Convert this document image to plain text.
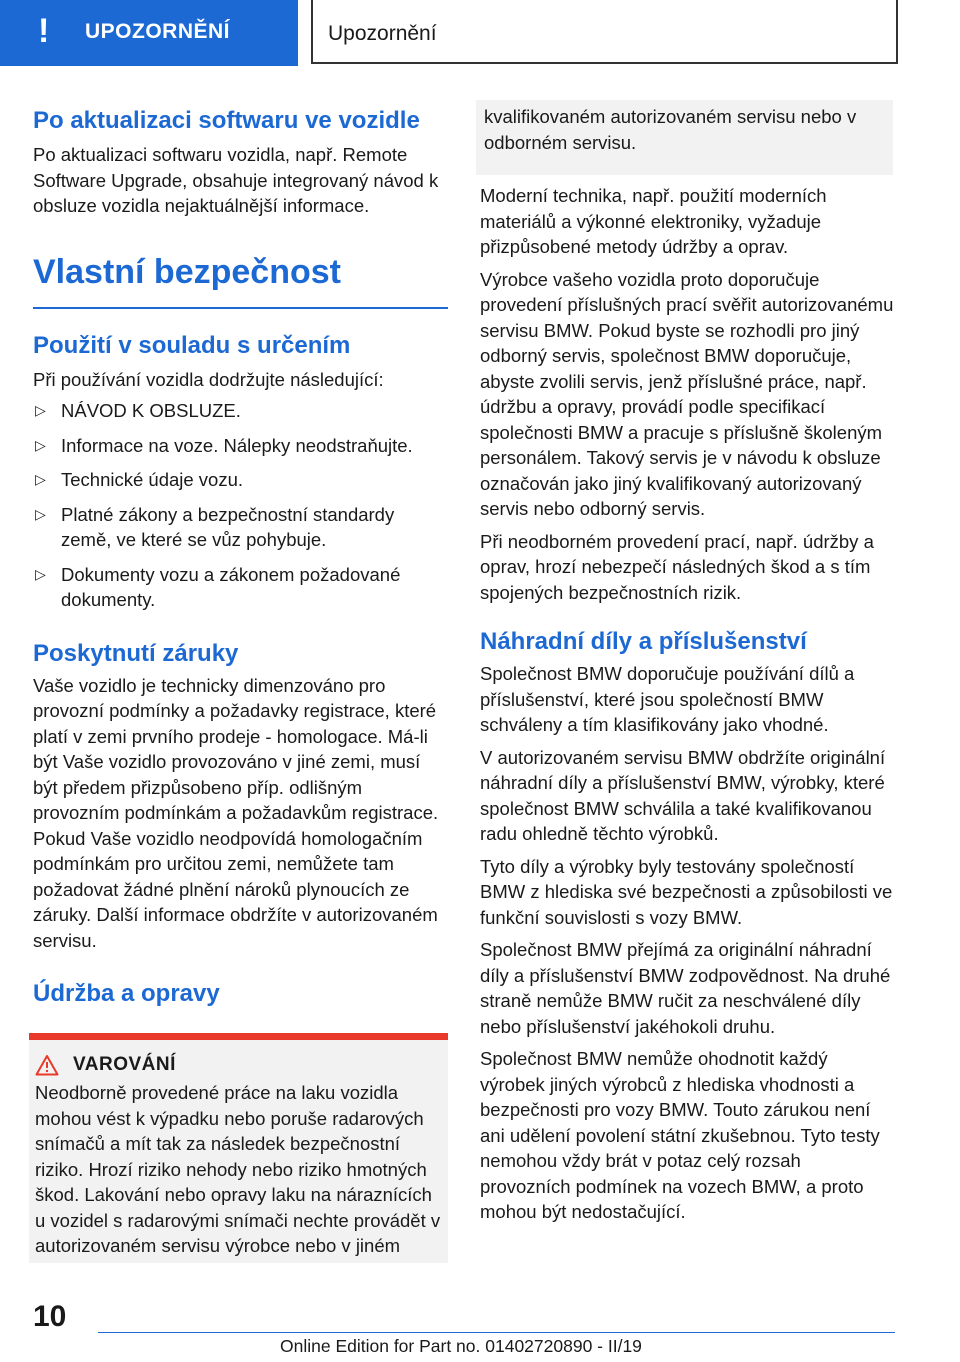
! UPOZORNĚNÍ	Upozornění
Po aktualizaci softwaru ve vozidle

Po aktualizaci softwaru vozidla, např. Remote Software Upgrade, obsahuje integrovaný návod k obsluze vozidla nejaktuálnější informace.

Vlastní bezpečnost
Použití v souladu s určením

Při používání vozidla dodržujte následující:

▷ NÁVOD K OBSLUZE.
▷ Informace na voze. Nálepky neodstraňujte.
▷ Technické údaje vozu.
▷ Platné zákony a bezpečnostní standardy země, ve které se vůz pohybuje.
▷ Dokumenty vozu a zákonem požadované dokumenty.
Poskytnutí záruky

Vaše vozidlo je technicky dimenzováno pro provozní podmínky a požadavky registrace, které platí v zemi prvního prodeje - homologace. Má-li být Vaše vozidlo provozováno v jiné zemi, musí být předem přizpůsobeno příp. odlišným provozním podmínkám a požadavkům registrace. Pokud Vaše vozidlo neodpovídá homologačním podmínkám pro určitou zemi, nemůžete tam požadovat žádné plnění nároků plynoucích ze záruky. Další informace obdržíte v autorizovaném servisu.

Údržba a opravy
VAROVÁNÍ

Neodborně provedené práce na laku vozidla mohou vést k výpadku nebo poruše radarových snímačů a mít tak za následek bezpečnostní riziko. Hrozí riziko nehody nebo riziko hmotných škod. Lakování nebo opravy laku na náraznících u vozidel s radarovými snímači nechte provádět v autorizovaném servisu výrobce nebo v jiném

kvalifikovaném autorizovaném servisu nebo v odborném servisu.

Moderní technika, např. použití moderních materiálů a výkonné elektroniky, vyžaduje přizpůsobené metody údržby a oprav.

Výrobce vašeho vozidla proto doporučuje provedení příslušných prací svěřit autorizovanému servisu BMW. Pokud byste se rozhodli pro jiný odborný servis, společnost BMW doporučuje, abyste zvolili servis, jenž příslušné práce, např. údržbu a opravy, provádí podle specifikací společnosti BMW a pracuje s příslušně školeným personálem. Takový servis je v návodu k obsluze označován jako jiný kvalifikovaný autorizovaný servis nebo odborný servis.

Při neodborném provedení prací, např. údržby a oprav, hrozí nebezpečí následných škod a s tím spojených bezpečnostních rizik.

Náhradní díly a příslušenství

Společnost BMW doporučuje používání dílů a příslušenství, které jsou společností BMW schváleny a tím klasifikovány jako vhodné.

V autorizovaném servisu BMW obdržíte originální náhradní díly a příslušenství BMW, výrobky, které společnost BMW schválila a také kvalifikovanou radu ohledně těchto výrobků.

Tyto díly a výrobky byly testovány společností BMW z hlediska své bezpečnosti a způsobilosti ve funkční souvislosti s vozy BMW.

Společnost BMW přejímá za originální náhradní díly a příslušenství BMW zodpovědnost. Na druhé straně nemůže BMW ručit za neschválené díly nebo příslušenství jakéhokoli druhu.

Společnost BMW nemůže ohodnotit každý výrobek jiných výrobců z hlediska vhodnosti a bezpečnosti pro vozy BMW. Touto zárukou není ani udělení povolení státní zkušebnou. Tyto testy nemohou vždy brát v potaz celý rozsah provozních podmínek na vozech BMW, a proto mohou být nedostačující.

10
Online Edition for Part no. 01402720890 - II/19
